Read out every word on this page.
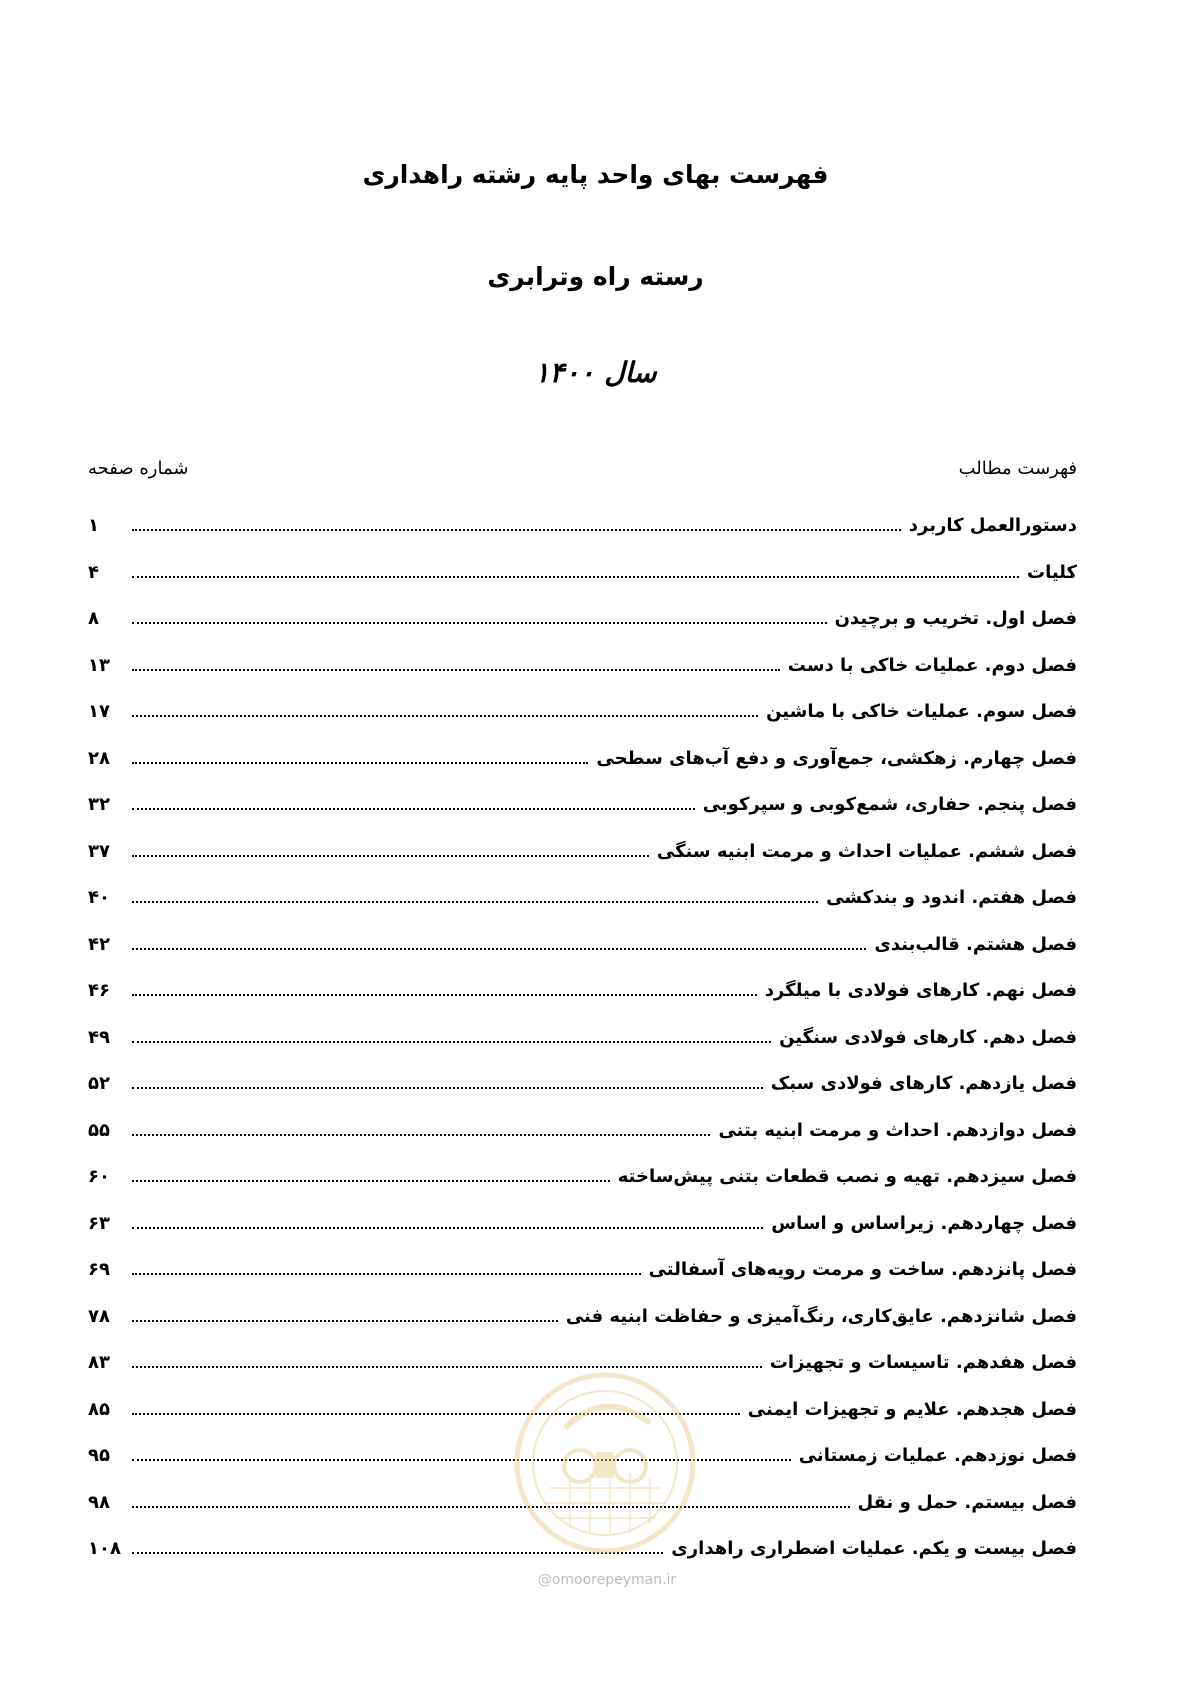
فهرست بهای واحد پایه رشته راهداری
رسته راه وترابری
سال ۱۴۰۰
فهرست مطالب
شماره صفحه
دستورالعمل کاربرد
۱
کلیات
۴
فصل اول. تخریب و برچیدن
۸
فصل دوم. عملیات خاکی با دست
۱۳
فصل سوم. عملیات خاکی با ماشین
۱۷
فصل چهارم. زهکشی، جمع‌آوری و دفع آب‌های سطحی
۲۸
فصل پنجم. حفاری، شمع‌کوبی و سپرکوبی
۳۲
فصل ششم. عملیات احداث و مرمت ابنیه سنگی
۳۷
فصل هفتم. اندود و بندکشی
۴۰
فصل هشتم. قالب‌بندی
۴۲
فصل نهم. کارهای فولادی با میلگرد
۴۶
فصل دهم. کارهای فولادی سنگین
۴۹
فصل یازدهم. کارهای فولادی سبک
۵۲
فصل دوازدهم. احداث و مرمت ابنیه بتنی
۵۵
فصل سیزدهم. تهیه و نصب قطعات بتنی پیش‌ساخته
۶۰
فصل چهاردهم. زیراساس و اساس
۶۳
فصل پانزدهم. ساخت و مرمت رویه‌های آسفالتی
۶۹
فصل شانزدهم. عایق‌کاری، رنگ‌آمیزی و حفاظت ابنیه فنی
۷۸
فصل هفدهم. تاسیسات و تجهیزات
۸۳
فصل هجدهم. علایم و تجهیزات ایمنی
۸۵
فصل نوزدهم. عملیات زمستانی
۹۵
فصل بیستم. حمل و نقل
۹۸
فصل بیست و یکم. عملیات اضطراری راهداری
۱۰۸
@omoorepeyman.ir
